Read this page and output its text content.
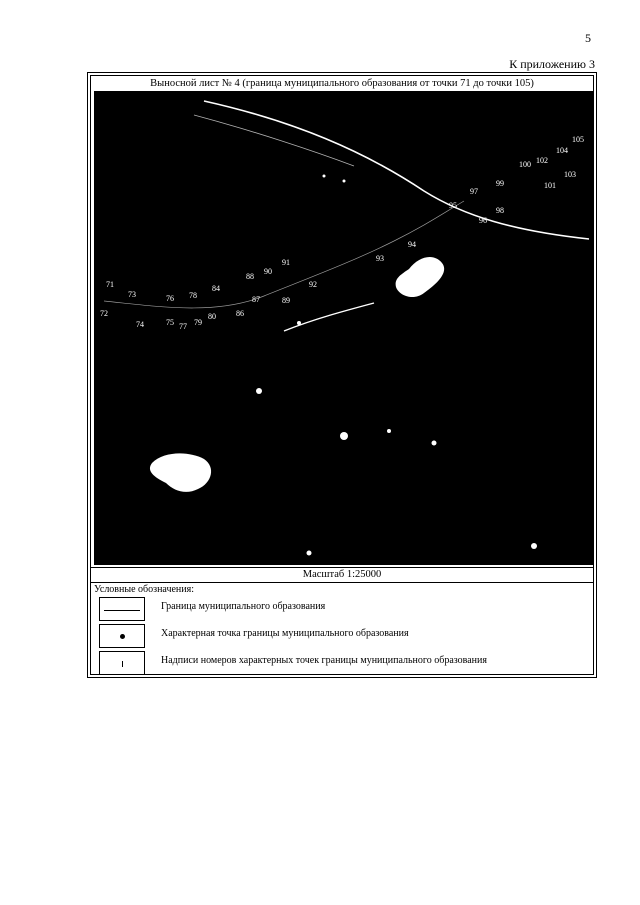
5
К приложению 3
Выносной лист № 4 (граница муниципального образования от точки 71 до точки 105)
71
72
73
74	75
76
77
78
79
80
84
86
87
88
89
90
91
92
93
94
95
96
97
98
99
100
101
102
103
104
105
Масштаб 1:25000
Условные обозначения:
Граница муниципального образования
Характерная точка границы муниципального образования
Надписи номеров характерных точек границы муниципального образования
